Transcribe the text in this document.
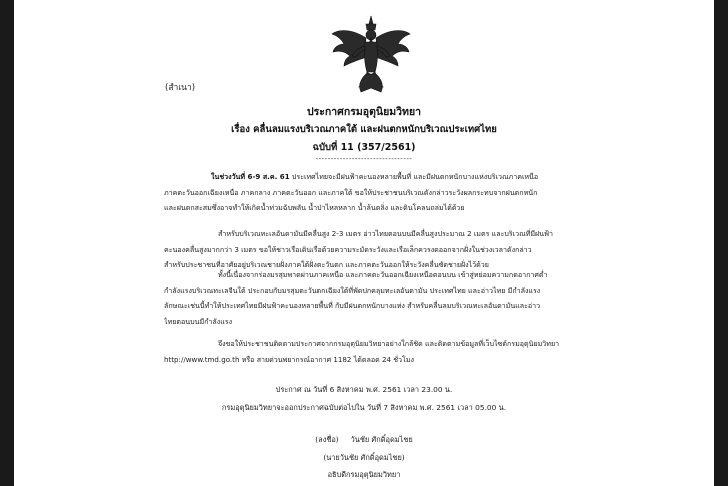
(สำเนา)
ประกาศกรมอุตุนิยมวิทยา
เรื่อง คลื่นลมแรงบริเวณภาคใต้ และฝนตกหนักบริเวณประเทศไทย
ฉบับที่ 11 (357/2561)
--------------------------------
ในช่วงวันที่ 6-9 ส.ค. 61 ประเทศไทยจะมีฝนฟ้าคะนองหลายพื้นที่ และมีฝนตกหนักบางแห่งบริเวณภาคเหนือ
ภาคตะวันออกเฉียงเหนือ ภาคกลาง ภาคตะวันออก และภาคใต้ ขอให้ประชาชนบริเวณดังกล่าวระวังผลกระทบจากฝนตกหนัก
และฝนตกสะสมซึ่งอาจทำให้เกิดน้ำท่วมฉับพลัน น้ำป่าไหลหลาก น้ำล้นตลิ่ง และดินโคลนถล่มได้ด้วย
สำหรับบริเวณทะเลอันดามันมีคลื่นสูง 2-3 เมตร อ่าวไทยตอนบนมีคลื่นสูงประมาณ 2 เมตร และบริเวณที่มีฝนฟ้า
คะนองคลื่นสูงมากกว่า 3 เมตร ขอให้ชาวเรือเดินเรือด้วยความระมัดระวังและเรือเล็กควรงดออกจากฝั่งในช่วงเวลาดังกล่าว
สำหรับประชาชนที่อาศัยอยู่บริเวณชายฝั่งภาคใต้ฝั่งตะวันตก และภาคตะวันออกให้ระวังคลื่นซัดชายฝั่งไว้ด้วย
ทั้งนี้เนื่องจากร่องมรสุมพาดผ่านภาคเหนือ และภาคตะวันออกเฉียงเหนือตอนบน เข้าสู่หย่อมความกดอากาศต่ำ
กำลังแรงบริเวณทะเลจีนใต้ ประกอบกับมรสุมตะวันตกเฉียงใต้ที่พัดปกคลุมทะเลอันดามัน ประเทศไทย และอ่าวไทย มีกำลังแรง
ลักษณะเช่นนี้ทำให้ประเทศไทยมีฝนฟ้าคะนองหลายพื้นที่ กับมีฝนตกหนักบางแห่ง สำหรับคลื่นลมบริเวณทะเลอันดามันและอ่าว
ไทยตอนบนมีกำลังแรง
จึงขอให้ประชาชนติดตามประกาศจากกรมอุตุนิยมวิทยาอย่างใกล้ชิด และติดตามข้อมูลที่เว็บไซต์กรมอุตุนิยมวิทยา
http://www.tmd.go.th หรือ สายด่วนพยากรณ์อากาศ 1182 ได้ตลอด 24 ชั่วโมง
ประกาศ ณ วันที่ 6 สิงหาคม พ.ศ. 2561 เวลา 23.00 น.
กรมอุตุนิยมวิทยาจะออกประกาศฉบับต่อไปใน วันที่ 7 สิงหาคม พ.ศ. 2561 เวลา 05.00 น.
(ลงชื่อ) วันชัย ศักดิ์อุดมไชย
(นายวันชัย ศักดิ์อุดมไชย)
อธิบดีกรมอุตุนิยมวิทยา
